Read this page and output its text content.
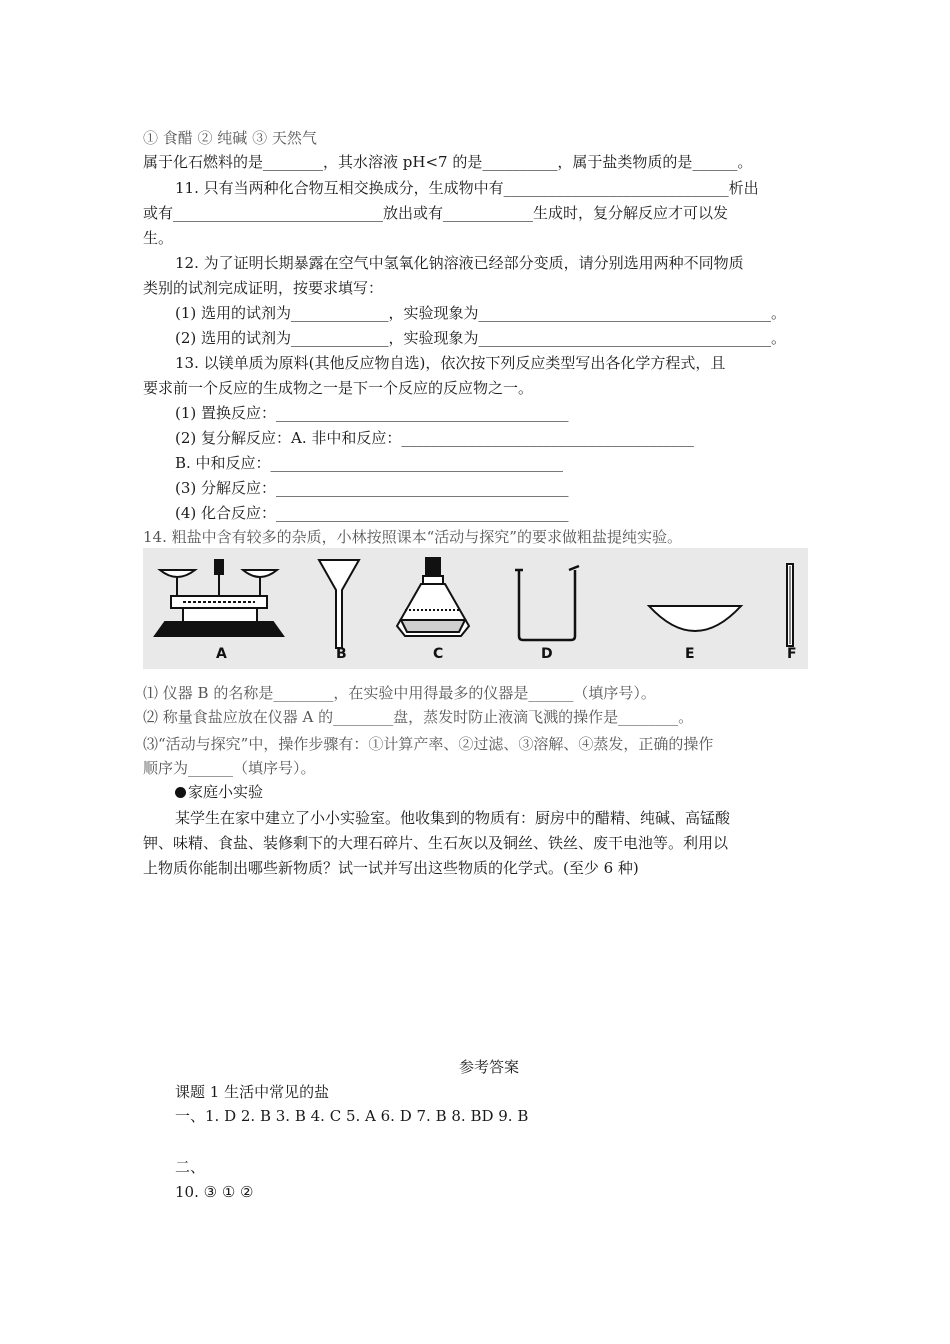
① 食醋 ② 纯碱 ③ 天然气
属于化石燃料的是________，其水溶液 pH<7 的是__________，属于盐类物质的是______。
11. 只有当两种化合物互相交换成分，生成物中有______________________________析出
或有____________________________放出或有____________生成时，复分解反应才可以发
生。
12. 为了证明长期暴露在空气中氢氧化钠溶液已经部分变质，请分别选用两种不同物质
类别的试剂完成证明，按要求填写：
(1) 选用的试剂为_____________，实验现象为_______________________________________。
(2) 选用的试剂为_____________，实验现象为_______________________________________。
13. 以镁单质为原料(其他反应物自选)，依次按下列反应类型写出各化学方程式，且
要求前一个反应的生成物之一是下一个反应的反应物之一。
(1) 置换反应：_______________________________________
(2) 复分解反应：A. 非中和反应：_______________________________________
B. 中和反应：_______________________________________
(3) 分解反应：_______________________________________
(4) 化合反应：_______________________________________
14. 粗盐中含有较多的杂质，小林按照课本“活动与探究”的要求做粗盐提纯实验。
A	B	C	D	E	F
⑴ 仪器 B 的名称是________，在实验中用得最多的仪器是______（填序号）。
⑵ 称量食盐应放在仪器 A 的________盘，蒸发时防止液滴飞溅的操作是________。
⑶“活动与探究”中，操作步骤有：①计算产率、②过滤、③溶解、④蒸发，正确的操作
顺序为______（填序号）。
家庭小实验
某学生在家中建立了小小实验室。他收集到的物质有：厨房中的醋精、纯碱、高锰酸
钾、味精、食盐、装修剩下的大理石碎片、生石灰以及铜丝、铁丝、废干电池等。利用以
上物质你能制出哪些新物质？试一试并写出这些物质的化学式。(至少 6 种)
参考答案
课题 1 生活中常见的盐
一、1. D 2. B 3. B 4. C 5. A 6. D 7. B 8. BD 9. B
二、
10. ③ ① ②
